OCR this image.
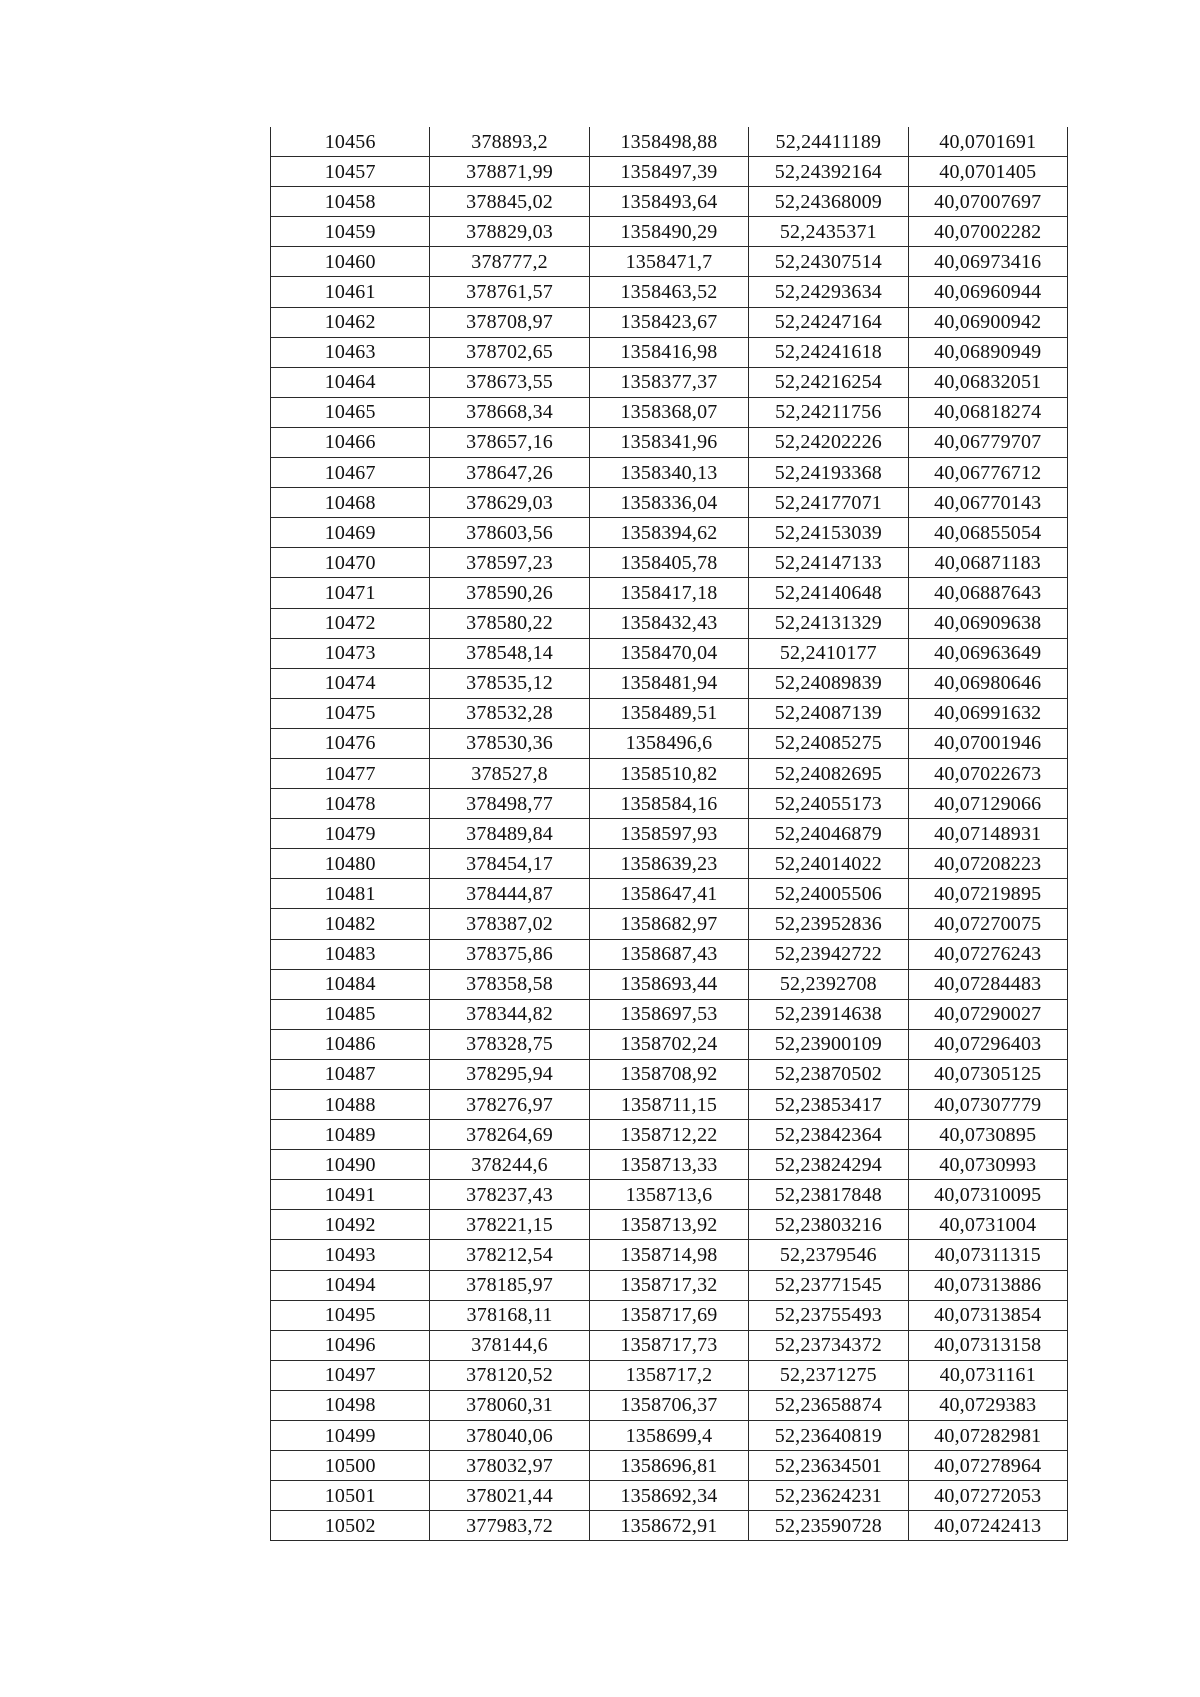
10456	378893,2	1358498,88	52,24411189	40,0701691
10457	378871,99	1358497,39	52,24392164	40,0701405
10458	378845,02	1358493,64	52,24368009	40,07007697
10459	378829,03	1358490,29	52,2435371	40,07002282
10460	378777,2	1358471,7	52,24307514	40,06973416
10461	378761,57	1358463,52	52,24293634	40,06960944
10462	378708,97	1358423,67	52,24247164	40,06900942
10463	378702,65	1358416,98	52,24241618	40,06890949
10464	378673,55	1358377,37	52,24216254	40,06832051
10465	378668,34	1358368,07	52,24211756	40,06818274
10466	378657,16	1358341,96	52,24202226	40,06779707
10467	378647,26	1358340,13	52,24193368	40,06776712
10468	378629,03	1358336,04	52,24177071	40,06770143
10469	378603,56	1358394,62	52,24153039	40,06855054
10470	378597,23	1358405,78	52,24147133	40,06871183
10471	378590,26	1358417,18	52,24140648	40,06887643
10472	378580,22	1358432,43	52,24131329	40,06909638
10473	378548,14	1358470,04	52,2410177	40,06963649
10474	378535,12	1358481,94	52,24089839	40,06980646
10475	378532,28	1358489,51	52,24087139	40,06991632
10476	378530,36	1358496,6	52,24085275	40,07001946
10477	378527,8	1358510,82	52,24082695	40,07022673
10478	378498,77	1358584,16	52,24055173	40,07129066
10479	378489,84	1358597,93	52,24046879	40,07148931
10480	378454,17	1358639,23	52,24014022	40,07208223
10481	378444,87	1358647,41	52,24005506	40,07219895
10482	378387,02	1358682,97	52,23952836	40,07270075
10483	378375,86	1358687,43	52,23942722	40,07276243
10484	378358,58	1358693,44	52,2392708	40,07284483
10485	378344,82	1358697,53	52,23914638	40,07290027
10486	378328,75	1358702,24	52,23900109	40,07296403
10487	378295,94	1358708,92	52,23870502	40,07305125
10488	378276,97	1358711,15	52,23853417	40,07307779
10489	378264,69	1358712,22	52,23842364	40,0730895
10490	378244,6	1358713,33	52,23824294	40,0730993
10491	378237,43	1358713,6	52,23817848	40,07310095
10492	378221,15	1358713,92	52,23803216	40,0731004
10493	378212,54	1358714,98	52,2379546	40,07311315
10494	378185,97	1358717,32	52,23771545	40,07313886
10495	378168,11	1358717,69	52,23755493	40,07313854
10496	378144,6	1358717,73	52,23734372	40,07313158
10497	378120,52	1358717,2	52,2371275	40,0731161
10498	378060,31	1358706,37	52,23658874	40,0729383
10499	378040,06	1358699,4	52,23640819	40,07282981
10500	378032,97	1358696,81	52,23634501	40,07278964
10501	378021,44	1358692,34	52,23624231	40,07272053
10502	377983,72	1358672,91	52,23590728	40,07242413
